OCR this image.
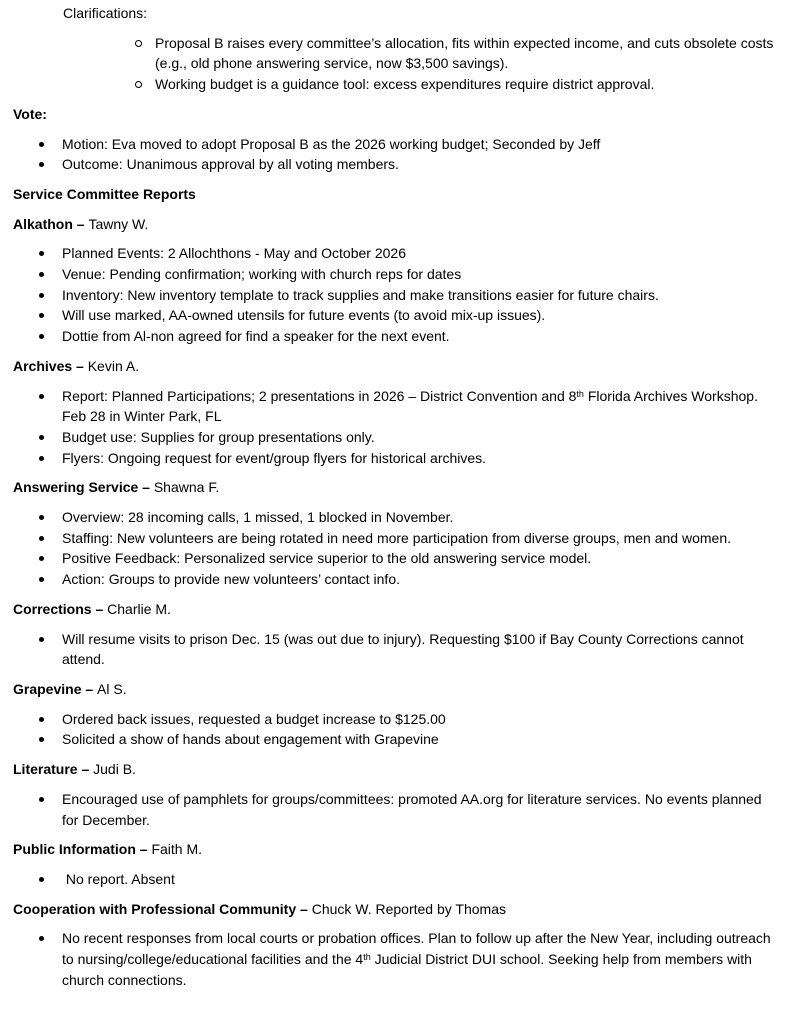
Clarifications:

Proposal B raises every committee’s allocation, fits within expected income, and cuts obsolete costs (e.g., old phone answering service, now $3,500 savings).
Working budget is a guidance tool: excess expenditures require district approval.

Vote:

Motion: Eva moved to adopt Proposal B as the 2026 working budget; Seconded by Jeff
Outcome: Unanimous approval by all voting members.

Service Committee Reports

Alkathon – Tawny W.

Planned Events: 2 Allochthons - May and October 2026
Venue: Pending confirmation; working with church reps for dates
Inventory: New inventory template to track supplies and make transitions easier for future chairs.
Will use marked, AA-owned utensils for future events (to avoid mix-up issues).
Dottie from Al-non agreed for find a speaker for the next event.

Archives – Kevin A.

Report: Planned Participations; 2 presentations in 2026 – District Convention and 8th Florida Archives Workshop. Feb 28 in Winter Park, FL
Budget use: Supplies for group presentations only.
Flyers: Ongoing request for event/group flyers for historical archives.

Answering Service – Shawna F.

Overview: 28 incoming calls, 1 missed, 1 blocked in November.
Staffing: New volunteers are being rotated in need more participation from diverse groups, men and women.
Positive Feedback: Personalized service superior to the old answering service model.
Action: Groups to provide new volunteers’ contact info.

Corrections – Charlie M.

Will resume visits to prison Dec. 15 (was out due to injury). Requesting $100 if Bay County Corrections cannot attend.

Grapevine – Al S.

Ordered back issues, requested a budget increase to $125.00
Solicited a show of hands about engagement with Grapevine

Literature – Judi B.

Encouraged use of pamphlets for groups/committees: promoted AA.org for literature services. No events planned for December.

Public Information – Faith M.

No report. Absent

Cooperation with Professional Community – Chuck W. Reported by Thomas

No recent responses from local courts or probation offices. Plan to follow up after the New Year, including outreach to nursing/college/educational facilities and the 4th Judicial District DUI school. Seeking help from members with church connections.
